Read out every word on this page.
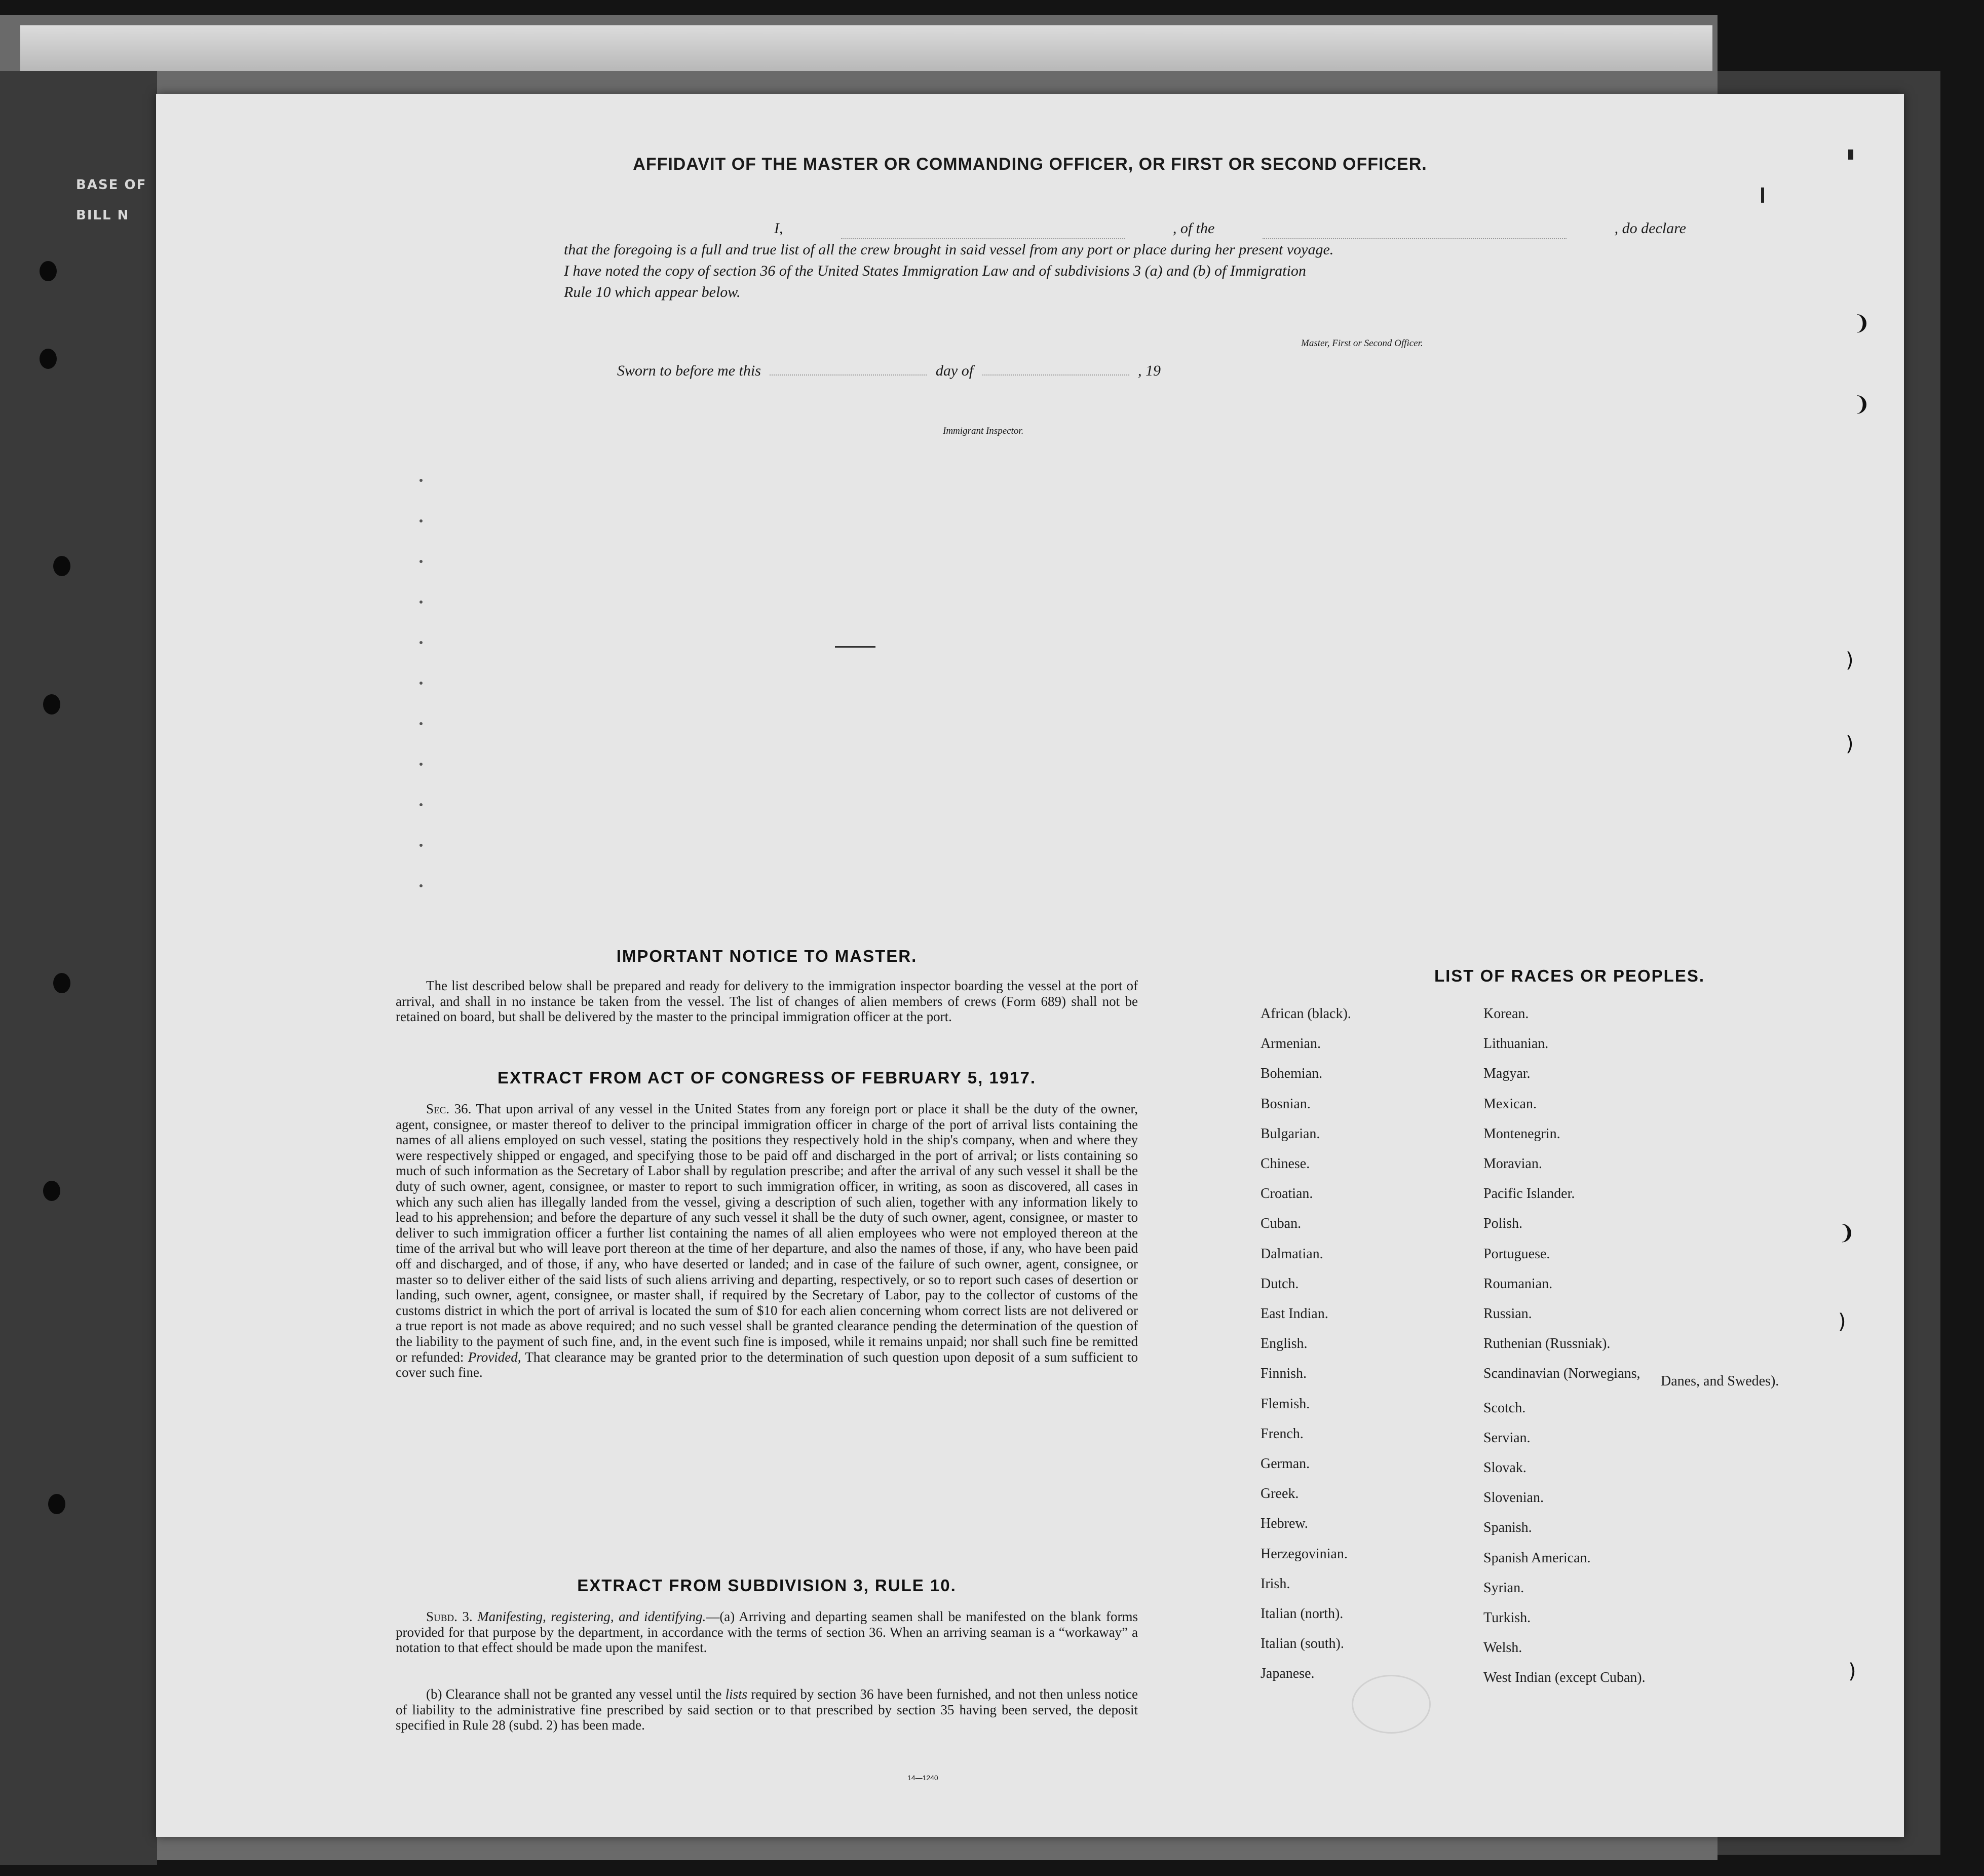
BASE OF
BILL N
AFFIDAVIT OF THE MASTER OR COMMANDING OFFICER, OR FIRST OR SECOND OFFICER.
I,	, of the	, do declare
that the foregoing is a full and true list of all the crew brought in said vessel from any port or place during her present voyage.
I have noted the copy of section 36 of the United States Immigration Law and of subdivisions 3 (a) and (b) of Immigration
Rule 10 which appear below.
Master, First or Second Officer.
Sworn to before me this	day of	, 19
Immigrant Inspector.
IMPORTANT NOTICE TO MASTER.
The list described below shall be prepared and ready for delivery to the immigration inspector boarding the vessel at the port of arrival, and shall in no instance be taken from the vessel. The list of changes of alien members of crews (Form 689) shall not be retained on board, but shall be delivered by the master to the principal immigration officer at the port.
EXTRACT FROM ACT OF CONGRESS OF FEBRUARY 5, 1917.
Sec. 36. That upon arrival of any vessel in the United States from any foreign port or place it shall be the duty of the owner, agent, consignee, or master thereof to deliver to the principal immigration officer in charge of the port of arrival lists containing the names of all aliens employed on such vessel, stating the positions they respectively hold in the ship's company, when and where they were respectively shipped or engaged, and specifying those to be paid off and discharged in the port of arrival; or lists containing so much of such information as the Secretary of Labor shall by regulation prescribe; and after the arrival of any such vessel it shall be the duty of such owner, agent, consignee, or master to report to such immigration officer, in writing, as soon as discovered, all cases in which any such alien has illegally landed from the vessel, giving a description of such alien, together with any information likely to lead to his apprehension; and before the departure of any such vessel it shall be the duty of such owner, agent, consignee, or master to deliver to such immigration officer a further list containing the names of all alien employees who were not employed thereon at the time of the arrival but who will leave port thereon at the time of her departure, and also the names of those, if any, who have been paid off and discharged, and of those, if any, who have deserted or landed; and in case of the failure of such owner, agent, consignee, or master so to deliver either of the said lists of such aliens arriving and departing, respectively, or so to report such cases of desertion or landing, such owner, agent, consignee, or master shall, if required by the Secretary of Labor, pay to the collector of customs of the customs district in which the port of arrival is located the sum of $10 for each alien concerning whom correct lists are not delivered or a true report is not made as above required; and no such vessel shall be granted clearance pending the determination of the question of the liability to the payment of such fine, and, in the event such fine is imposed, while it remains unpaid; nor shall such fine be remitted or refunded: Provided, That clearance may be granted prior to the determination of such question upon deposit of a sum sufficient to cover such fine.
EXTRACT FROM SUBDIVISION 3, RULE 10.
Subd. 3. Manifesting, registering, and identifying.—(a) Arriving and departing seamen shall be manifested on the blank forms provided for that purpose by the department, in accordance with the terms of section 36. When an arriving seaman is a “workaway” a notation to that effect should be made upon the manifest.
(b) Clearance shall not be granted any vessel until the lists required by section 36 have been furnished, and not then unless notice of liability to the administrative fine prescribed by said section or to that prescribed by section 35 having been served, the deposit specified in Rule 28 (subd. 2) has been made.
14—1240
LIST OF RACES OR PEOPLES.
Danes, and Swedes).
❩
❩
)
)
❩
)
)
African (black).
Armenian.
Bohemian.
Bosnian.
Bulgarian.
Chinese.
Croatian.
Cuban.
Dalmatian.
Dutch.
East Indian.
English.
Finnish.
Flemish.
French.
German.
Greek.
Hebrew.
Herzegovinian.
Irish.
Italian (north).
Italian (south).
Japanese.
Korean.
Lithuanian.
Magyar.
Mexican.
Montenegrin.
Moravian.
Pacific Islander.
Polish.
Portuguese.
Roumanian.
Russian.
Ruthenian (Russniak).
Scandinavian (Norwegians,
Scotch.
Servian.
Slovak.
Slovenian.
Spanish.
Spanish American.
Syrian.
Turkish.
Welsh.
West Indian (except Cuban).
